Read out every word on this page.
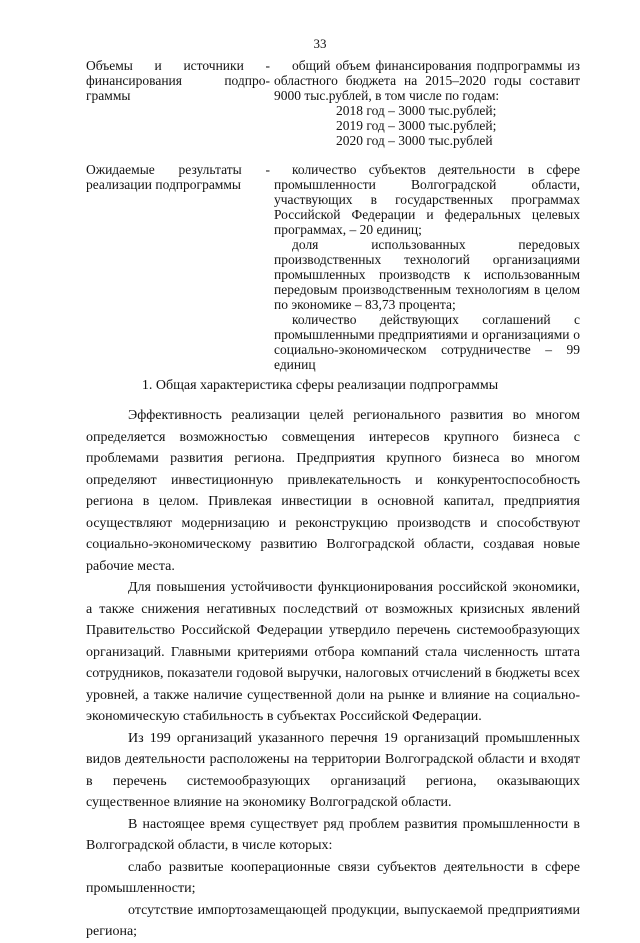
33
Объемы и источники -
финансирования подпро-
граммы

общий объем финансирования подпрограммы из областного бюджета на 2015–2020 годы составит 9000 тыс.рублей, в том числе по годам:

2018 год – 3000 тыс.рублей;

2019 год – 3000 тыс.рублей;

2020 год – 3000 тыс.рублей

Ожидаемые результаты -
реализации подпрограммы

количество субъектов деятельности в сфере промышленности Волгоградской области, участвующих в государственных программах Российской Федерации и федеральных целевых программах, – 20 единиц;

доля использованных передовых производственных технологий организациями промышленных производств к использованным передовым производственным технологиям в целом по экономике – 83,73 процента;

количество действующих соглашений с промышленными предприятиями и организациями о социально-экономическом сотрудничестве – 99 единиц

1. Общая характеристика сферы реализации подпрограммы

Эффективность реализации целей регионального развития во многом определяется возможностью совмещения интересов крупного бизнеса с проблемами развития региона. Предприятия крупного бизнеса во многом определяют инвестиционную привлекательность и конкурентоспособность региона в целом. Привлекая инвестиции в основной капитал, предприятия осуществляют модернизацию и реконструкцию производств и способствуют социально-экономическому развитию Волгоградской области, создавая новые рабочие места.

Для повышения устойчивости функционирования российской экономики, а также снижения негативных последствий от возможных кризисных явлений Правительство Российской Федерации утвердило перечень системообразующих организаций. Главными критериями отбора компаний стала численность штата сотрудников, показатели годовой выручки, налоговых отчислений в бюджеты всех уровней, а также наличие существенной доли на рынке и влияние на социально-экономическую стабильность в субъектах Российской Федерации.

Из 199 организаций указанного перечня 19 организаций промышленных видов деятельности расположены на территории Волгоградской области и входят в перечень системообразующих организаций региона, оказывающих существенное влияние на экономику Волгоградской области.

В настоящее время существует ряд проблем развития промышленности в Волгоградской области, в числе которых:

слабо развитые кооперационные связи субъектов деятельности в сфере промышленности;

отсутствие импортозамещающей продукции, выпускаемой предприятиями региона;
